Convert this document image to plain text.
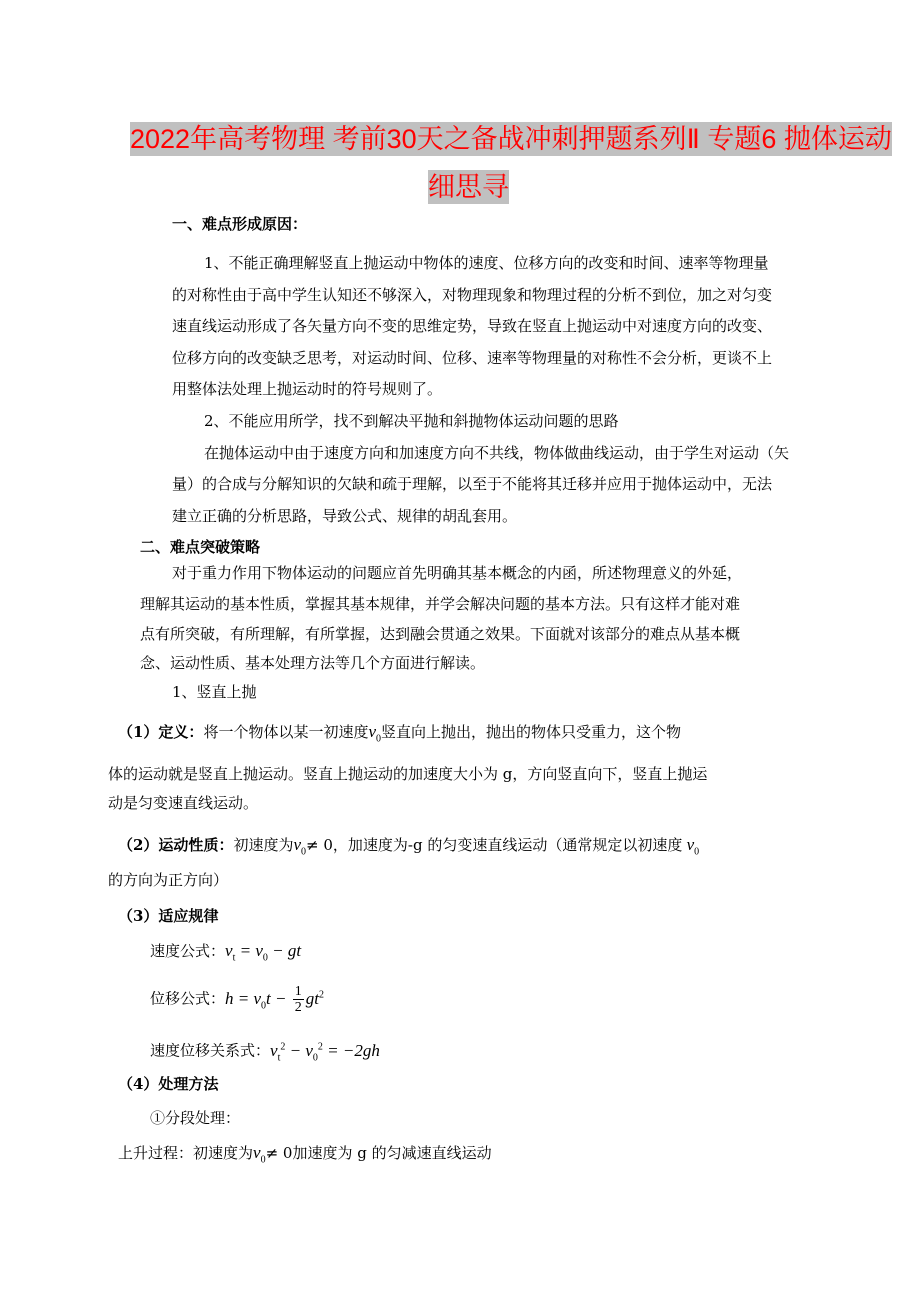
2022年高考物理 考前30天之备战冲刺押题系列Ⅱ 专题6 抛体运动
细思寻
一、难点形成原因：
1、不能正确理解竖直上抛运动中物体的速度、位移方向的改变和时间、速率等物理量
的对称性由于高中学生认知还不够深入，对物理现象和物理过程的分析不到位，加之对匀变
速直线运动形成了各矢量方向不变的思维定势，导致在竖直上抛运动中对速度方向的改变、
位移方向的改变缺乏思考，对运动时间、位移、速率等物理量的对称性不会分析，更谈不上
用整体法处理上抛运动时的符号规则了。
2、不能应用所学，找不到解决平抛和斜抛物体运动问题的思路
在抛体运动中由于速度方向和加速度方向不共线，物体做曲线运动，由于学生对运动（矢
量）的合成与分解知识的欠缺和疏于理解，以至于不能将其迁移并应用于抛体运动中，无法
建立正确的分析思路，导致公式、规律的胡乱套用。
二、难点突破策略
对于重力作用下物体运动的问题应首先明确其基本概念的内函，所述物理意义的外延，
理解其运动的基本性质，掌握其基本规律，并学会解决问题的基本方法。只有这样才能对难
点有所突破，有所理解，有所掌握，达到融会贯通之效果。下面就对该部分的难点从基本概
念、运动性质、基本处理方法等几个方面进行解读。
1、竖直上抛
（1）定义：将一个物体以某一初速度$v_0$竖直向上抛出，抛出的物体只受重力，这个物
体的运动就是竖直上抛运动。竖直上抛运动的加速度大小为 g，方向竖直向下，竖直上抛运
动是匀变速直线运动。
（2）运动性质：初速度为$v_0\ne 0$，加速度为-g 的匀变速直线运动（通常规定以初速度 $v_0$
的方向为正方向）
（3）适应规律
速度公式：$v_t = v_0$ − gt
位移公式：$h = v_0t - \frac{1}{2} gt^2$
速度位移关系式：$v_t^2 - v_0^2 = -2gh$
（4）处理方法
①分段处理：
上升过程：初速度为$v_0\ne 0$加速度为 g 的匀减速直线运动
